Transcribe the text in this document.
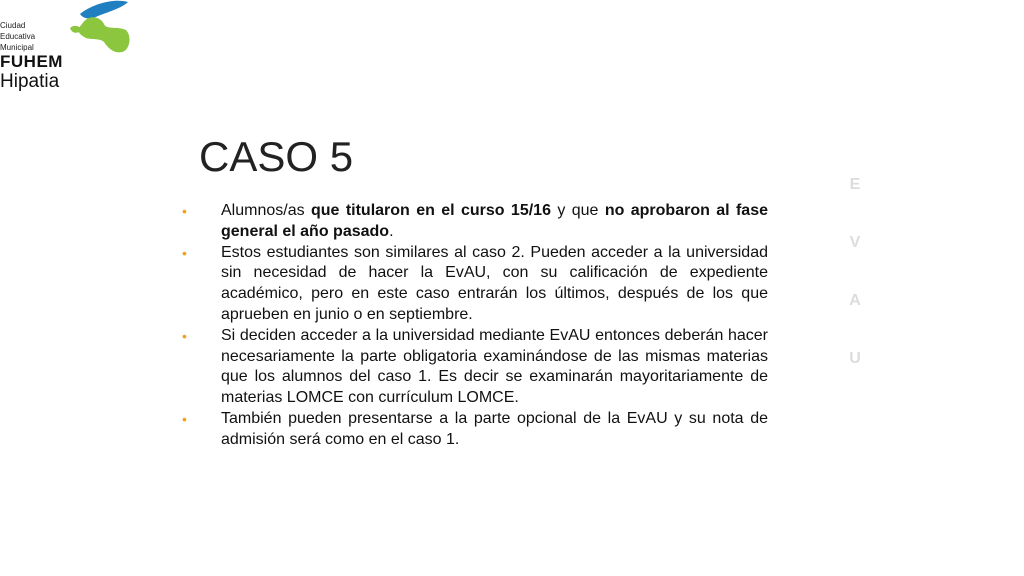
Ciudad
Educativa
Municipal
FUHEM
Hipatia
CASO 5
E
V
A
U
• Alumnos/as que titularon en el curso 15/16 y que no aprobaron al fase general el año pasado.
• Estos estudiantes son similares al caso 2. Pueden acceder a la universidad sin necesidad de hacer la EvAU, con su calificación de expediente académico, pero en este caso entrarán los últimos, después de los que aprueben en junio o en septiembre.
• Si deciden acceder a la universidad mediante EvAU entonces deberán hacer necesariamente la parte obligatoria examinándose de las mismas materias que los alumnos del caso 1. Es decir se examinarán mayoritariamente de materias LOMCE con currículum LOMCE.
• También pueden presentarse a la parte opcional de la EvAU y su nota de admisión será como en el caso 1.
